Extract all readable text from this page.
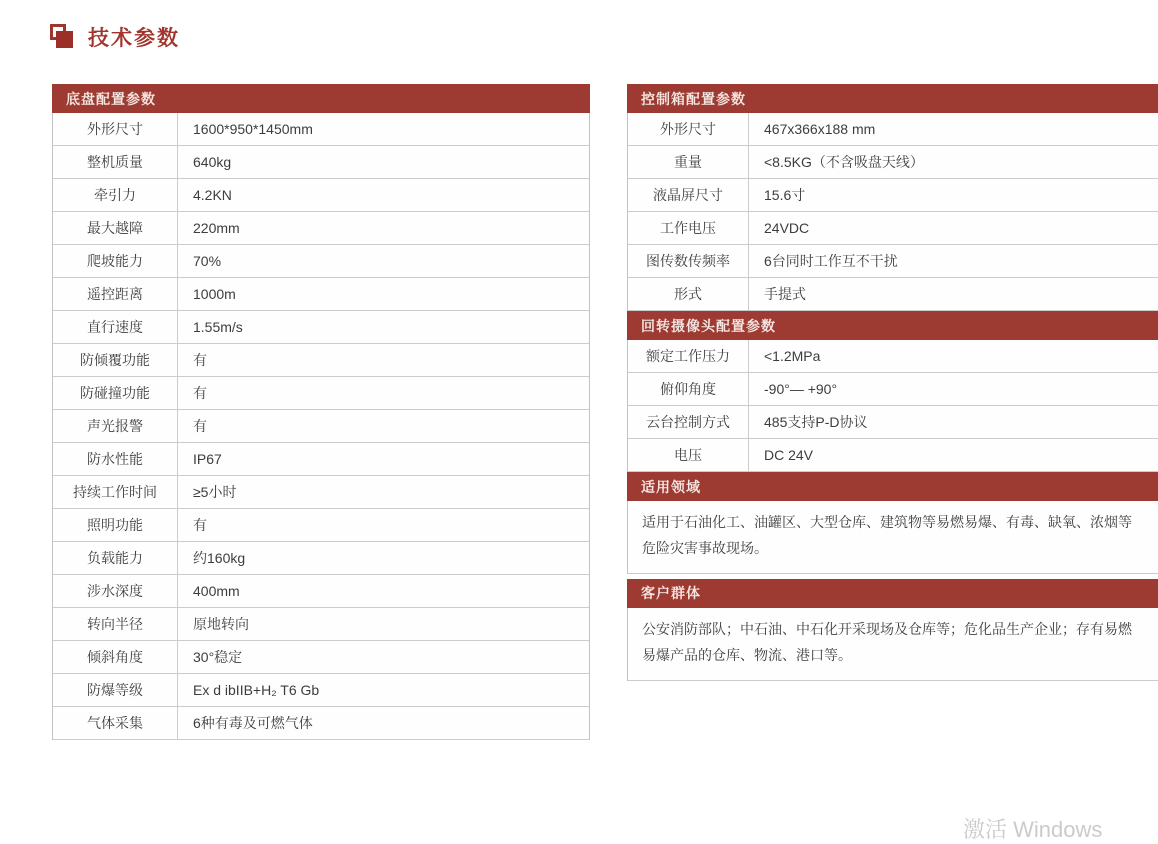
技术参数
底盘配置参数
外形尺寸	1600*950*1450mm
整机质量	640kg
牵引力	4.2KN
最大越障	220mm
爬坡能力	70%
遥控距离	1000m
直行速度	1.55m/s
防倾覆功能	有
防碰撞功能	有
声光报警	有
防水性能	IP67
持续工作时间	≥5小时
照明功能	有
负载能力	约160kg
涉水深度	400mm
转向半径	原地转向
倾斜角度	30°稳定
防爆等级	Ex d ibIIB+H₂ T6 Gb
气体采集	6种有毒及可燃气体
控制箱配置参数
外形尺寸	467x366x188 mm
重量	<8.5KG（不含吸盘天线）
液晶屏尺寸	15.6寸
工作电压	24VDC
图传数传频率	6台同时工作互不干扰
形式	手提式
回转摄像头配置参数
额定工作压力	<1.2MPa
俯仰角度	-90°— +90°
云台控制方式	485支持P-D协议
电压	DC 24V
适用领域
适用于石油化工、油罐区、大型仓库、建筑物等易燃易爆、有毒、缺氧、浓烟等危险灾害事故现场。
客户群体
公安消防部队；中石油、中石化开采现场及仓库等；危化品生产企业；存有易燃易爆产品的仓库、物流、港口等。
激活 Windows
